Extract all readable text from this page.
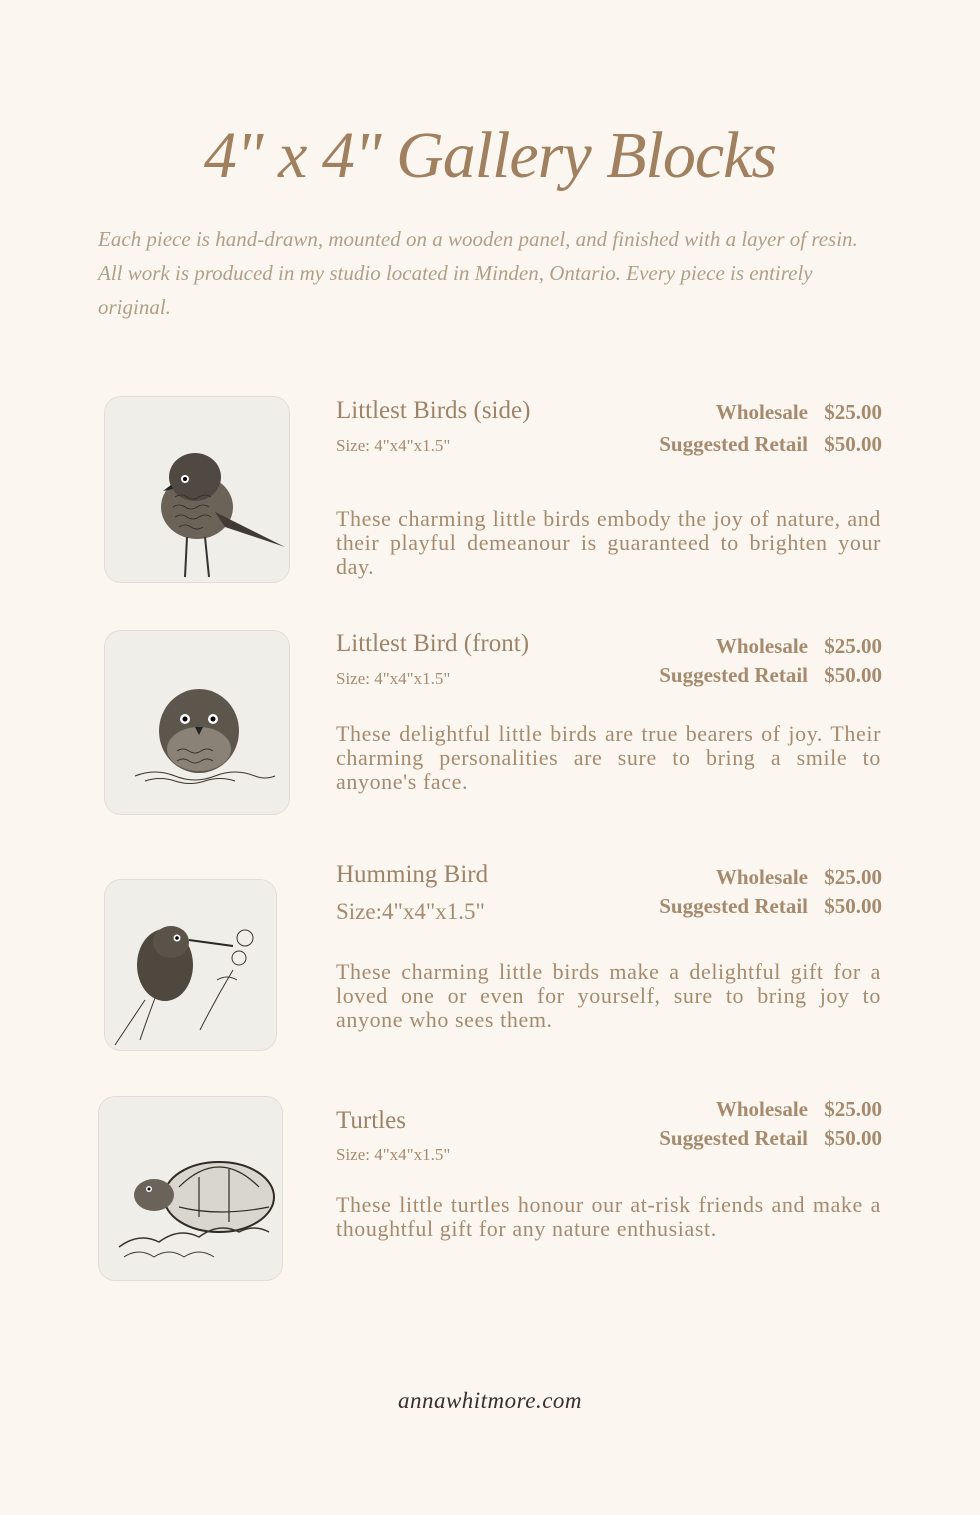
4" x 4" Gallery Blocks
Each piece is hand-drawn, mounted on a wooden panel, and finished with a layer of resin. All work is produced in my studio located in Minden, Ontario. Every piece is entirely original.
Littlest Birds (side)
Size: 4"x4"x1.5"
Wholesale $25.00
Suggested Retail $50.00
These charming little birds embody the joy of nature, and their playful demeanour is guaranteed to brighten your day.
Littlest Bird (front)
Size: 4"x4"x1.5"
Wholesale $25.00
Suggested Retail $50.00
These delightful little birds are true bearers of joy. Their charming personalities are sure to bring a smile to anyone's face.
Humming Bird
Size:4"x4"x1.5"
Wholesale $25.00
Suggested Retail $50.00
These charming little birds make a delightful gift for a loved one or even for yourself, sure to bring joy to anyone who sees them.
Turtles
Size: 4"x4"x1.5"
Wholesale $25.00
Suggested Retail $50.00
These little turtles honour our at-risk friends and make a thoughtful gift for any nature enthusiast.
annawhitmore.com
